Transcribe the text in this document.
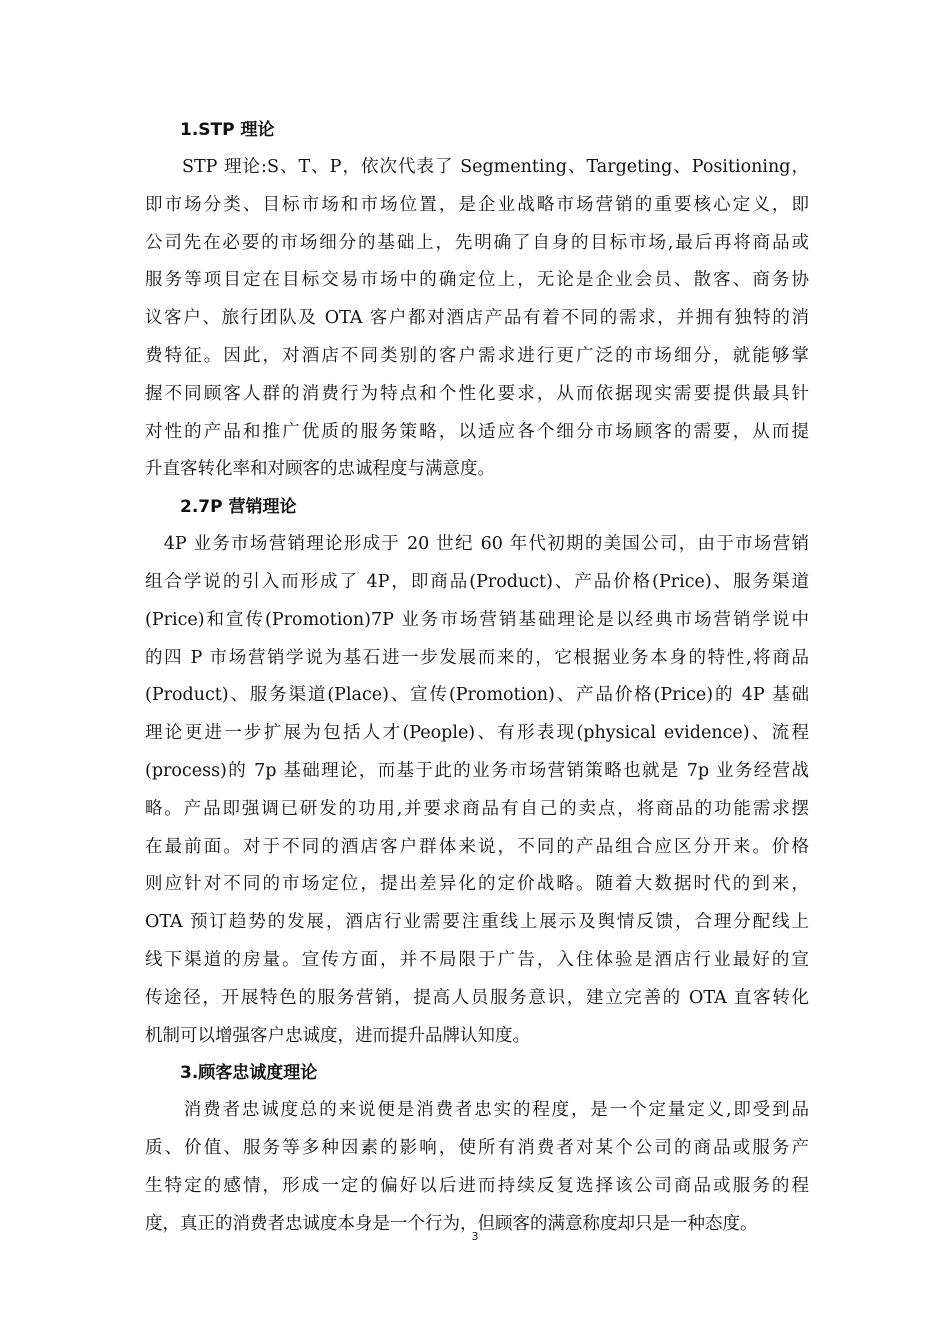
1.STP 理论
　　STP 理论:S、T、P，依次代表了 Segmenting、Targeting、Positioning，
即市场分类、目标市场和市场位置，是企业战略市场营销的重要核心定义，即
公司先在必要的市场细分的基础上，先明确了自身的目标市场,最后再将商品或
服务等项目定在目标交易市场中的确定位上，无论是企业会员、散客、商务协
议客户、旅行团队及 OTA 客户都对酒店产品有着不同的需求，并拥有独特的消
费特征。因此，对酒店不同类别的客户需求进行更广泛的市场细分，就能够掌
握不同顾客人群的消费行为特点和个性化要求，从而依据现实需要提供最具针
对性的产品和推广优质的服务策略，以适应各个细分市场顾客的需要，从而提
升直客转化率和对顾客的忠诚程度与满意度。
2.7P 营销理论
　4P 业务市场营销理论形成于 20 世纪 60 年代初期的美国公司，由于市场营销
组合学说的引入而形成了 4P，即商品(Product)、产品价格(Price)、服务渠道
(Price)和宣传(Promotion)7P 业务市场营销基础理论是以经典市场营销学说中
的四 P 市场营销学说为基石进一步发展而来的，它根据业务本身的特性,将商品
(Product)、服务渠道(Place)、宣传(Promotion)、产品价格(Price)的 4P 基础
理论更进一步扩展为包括人才(People)、有形表现(physical evidence)、流程
(process)的 7p 基础理论，而基于此的业务市场营销策略也就是 7p 业务经营战
略。产品即强调已研发的功用,并要求商品有自己的卖点，将商品的功能需求摆
在最前面。对于不同的酒店客户群体来说，不同的产品组合应区分开来。价格
则应针对不同的市场定位，提出差异化的定价战略。随着大数据时代的到来，
OTA 预订趋势的发展，酒店行业需要注重线上展示及舆情反馈，合理分配线上
线下渠道的房量。宣传方面，并不局限于广告，入住体验是酒店行业最好的宣
传途径，开展特色的服务营销，提高人员服务意识，建立完善的 OTA 直客转化
机制可以增强客户忠诚度，进而提升品牌认知度。
3.顾客忠诚度理论
　　消费者忠诚度总的来说便是消费者忠实的程度，是一个定量定义,即受到品
质、价值、服务等多种因素的影响，使所有消费者对某个公司的商品或服务产
生特定的感情，形成一定的偏好以后进而持续反复选择该公司商品或服务的程
度，真正的消费者忠诚度本身是一个行为，但顾客的满意称度却只是一种态度。
3
